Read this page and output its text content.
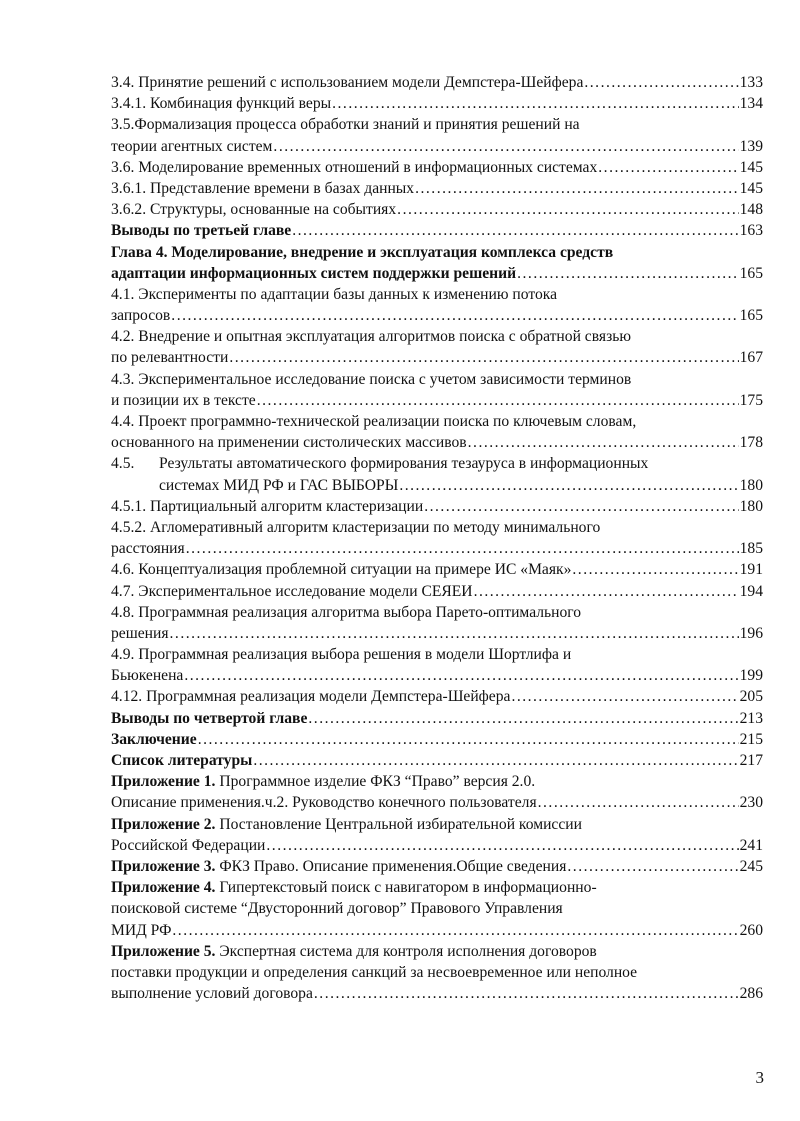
3.4. Принятие решений с использованием модели Демпстера-Шейфера .....	133
3.4.1. Комбинация функций веры .....	134
3.5.Формализация процесса обработки знаний и принятия решений на
теории агентных систем .....	139
3.6. Моделирование временных отношений в информационных системах .....	145
3.6.1. Представление времени в базах данных .....	145
3.6.2. Структуры, основанные на событиях .....	148
Выводы по третьей главе .....	163
Глава 4. Моделирование, внедрение и эксплуатация комплекса средств
адаптации информационных систем поддержки решений .....	165
4.1. Эксперименты по адаптации базы данных к изменению потока
запросов .....	165
4.2. Внедрение и опытная эксплуатация алгоритмов поиска с обратной связью
по релевантности .....	167
4.3. Экспериментальное исследование поиска с учетом зависимости терминов
и позиции их в тексте .....	175
4.4. Проект программно-технической реализации поиска по ключевым словам,
основанного на применении систолических массивов .....	178
4.5. Результаты автоматического формирования тезауруса в информационных
системах МИД РФ и ГАС ВЫБОРЫ .....	180
4.5.1. Партициальный алгоритм кластеризации .....	180
4.5.2. Агломеративный алгоритм кластеризации по методу минимального
расстояния .....	185
4.6. Концептуализация проблемной ситуации на примере ИС «Маяк» .....	191
4.7. Экспериментальное исследование модели СЕЯЕИ .....	194
4.8. Программная реализация алгоритма выбора Парето-оптимального
решения .....	196
4.9. Программная реализация выбора решения в модели Шортлифа и
Бьюкенена .....	199
4.12. Программная реализация модели Демпстера-Шейфера .....	205
Выводы по четвертой главе .....	213
Заключение .....	215
Список литературы .....	217
Приложение 1. Программное изделие ФКЗ “Право” версия 2.0.
Описание применения.ч.2. Руководство конечного пользователя .....	230
Приложение 2. Постановление Центральной избирательной комиссии
Российской Федерации .....	241
Приложение 3. ФКЗ Право. Описание применения.Общие сведения .....	245
Приложение 4. Гипертекстовый поиск с навигатором в информационно-
поисковой системе “Двусторонний договор” Правового Управления
МИД РФ .....	260
Приложение 5. Экспертная система для контроля исполнения договоров
поставки продукции и определения санкций за несвоевременное или неполное
выполнение условий договора .....	286
3
